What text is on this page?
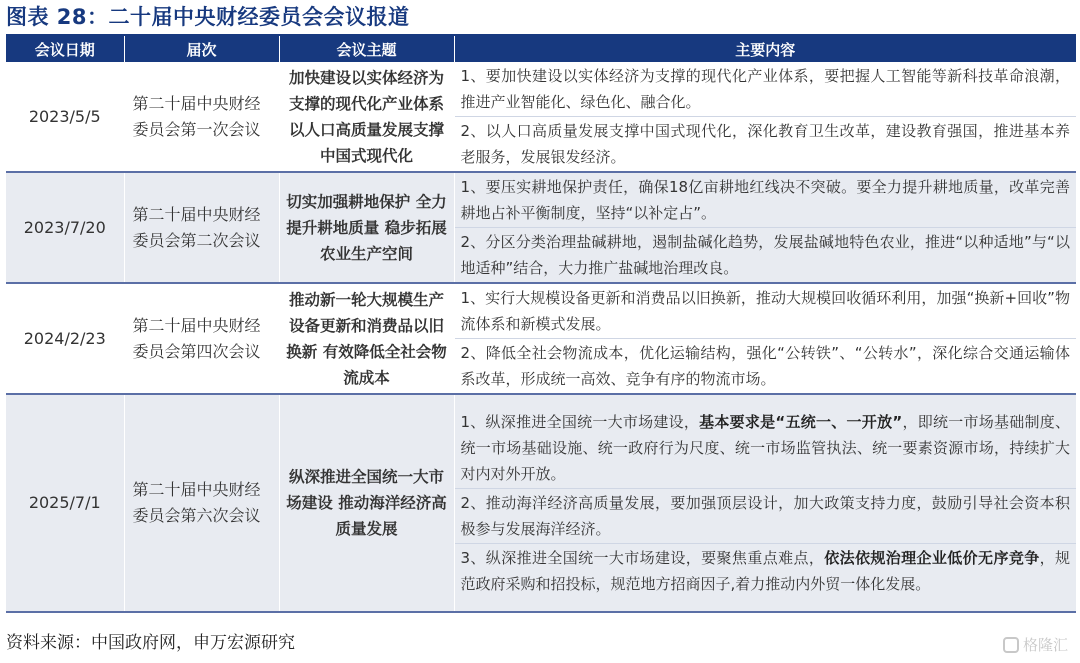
图表 28：二十届中央财经委员会会议报道
会议日期	届次	会议主题	主要内容
2023/5/5	第二十届中央财经委员会第一次会议	加快建设以实体经济为支撑的现代化产业体系 以人口高质量发展支撑中国式现代化	1、要加快建设以实体经济为支撑的现代化产业体系，要把握人工智能等新科技革命浪潮，推进产业智能化、绿色化、融合化。
2、以人口高质量发展支撑中国式现代化，深化教育卫生改革，建设教育强国，推进基本养老服务，发展银发经济。

2023/7/20	第二十届中央财经委员会第二次会议	切实加强耕地保护 全力提升耕地质量 稳步拓展农业生产空间	1、要压实耕地保护责任，确保18亿亩耕地红线决不突破。要全力提升耕地质量，改革完善耕地占补平衡制度，坚持“以补定占”。
2、分区分类治理盐碱耕地，遏制盐碱化趋势，发展盐碱地特色农业，推进“以种适地”与“以地适种”结合，大力推广盐碱地治理改良。

2024/2/23	第二十届中央财经委员会第四次会议	推动新一轮大规模生产设备更新和消费品以旧换新 有效降低全社会物流成本	1、实行大规模设备更新和消费品以旧换新，推动大规模回收循环利用，加强“换新+回收”物流体系和新模式发展。
2、降低全社会物流成本，优化运输结构，强化“公转铁”、“公转水”，深化综合交通运输体系改革，形成统一高效、竞争有序的物流市场。

2025/7/1	第二十届中央财经委员会第六次会议	纵深推进全国统一大市场建设 推动海洋经济高质量发展	1、纵深推进全国统一大市场建设，基本要求是“五统一、一开放”，即统一市场基础制度、统一市场基础设施、统一政府行为尺度、统一市场监管执法、统一要素资源市场，持续扩大对内对外开放。
2、推动海洋经济高质量发展，要加强顶层设计，加大政策支持力度，鼓励引导社会资本积极参与发展海洋经济。
3、纵深推进全国统一大市场建设，要聚焦重点难点，依法依规治理企业低价无序竞争，规范政府采购和招投标，规范地方招商因子,着力推动内外贸一体化发展。
资料来源：中国政府网，申万宏源研究	格隆汇
